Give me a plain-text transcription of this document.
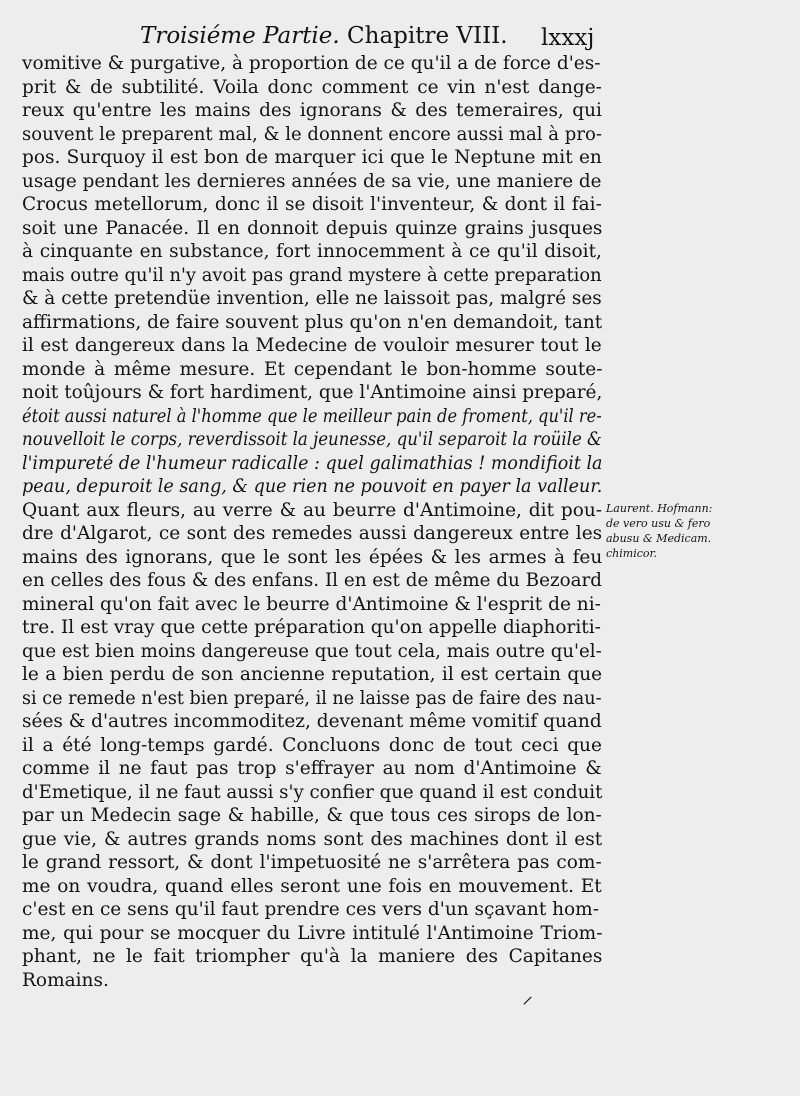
Troisiéme Partie. Chapitre VIII.	lxxxj
vomitive & purgative, à proportion de ce qu'il a de force d'es-
prit & de subtilité. Voila donc comment ce vin n'est dange-
reux qu'entre les mains des ignorans & des temeraires, qui
souvent le preparent mal, & le donnent encore aussi mal à pro-
pos. Surquoy il est bon de marquer ici que le Neptune mit en
usage pendant les dernieres années de sa vie, une maniere de
Crocus metellorum, donc il se disoit l'inventeur, & dont il fai-
soit une Panacée. Il en donnoit depuis quinze grains jusques
à cinquante en substance, fort innocemment à ce qu'il disoit,
mais outre qu'il n'y avoit pas grand mystere à cette preparation
& à cette pretendüe invention, elle ne laissoit pas, malgré ses
affirmations, de faire souvent plus qu'on n'en demandoit, tant
il est dangereux dans la Medecine de vouloir mesurer tout le
monde à même mesure. Et cependant le bon-homme soute-
noit toûjours & fort hardiment, que l'Antimoine ainsi preparé,
étoit aussi naturel à l'homme que le meilleur pain de froment, qu'il re-
nouvelloit le corps, reverdissoit la jeunesse, qu'il separoit la roüile &
l'impureté de l'humeur radicalle : quel galimathias ! mondifioit la
peau, depuroit le sang, & que rien ne pouvoit en payer la valleur.
Quant aux fleurs, au verre & au beurre d'Antimoine, dit pou-
dre d'Algarot, ce sont des remedes aussi dangereux entre les
mains des ignorans, que le sont les épées & les armes à feu
en celles des fous & des enfans. Il en est de même du Bezoard
mineral qu'on fait avec le beurre d'Antimoine & l'esprit de ni-
tre. Il est vray que cette préparation qu'on appelle diaphoriti-
que est bien moins dangereuse que tout cela, mais outre qu'el-
le a bien perdu de son ancienne reputation, il est certain que
si ce remede n'est bien preparé, il ne laisse pas de faire des nau-
sées & d'autres incommoditez, devenant même vomitif quand
il a été long-temps gardé. Concluons donc de tout ceci que
comme il ne faut pas trop s'effrayer au nom d'Antimoine &
d'Emetique, il ne faut aussi s'y confier que quand il est conduit
par un Medecin sage & habille, & que tous ces sirops de lon-
gue vie, & autres grands noms sont des machines dont il est
le grand ressort, & dont l'impetuosité ne s'arrêtera pas com-
me on voudra, quand elles seront une fois en mouvement. Et
c'est en ce sens qu'il faut prendre ces vers d'un sçavant hom-
me, qui pour se mocquer du Livre intitulé l'Antimoine Triom-
phant, ne le fait triompher qu'à la maniere des Capitanes
Romains.
Laurent. Hofmann:
de vero usu & fero
abusu & Medicam.
chimicor.
⸝
